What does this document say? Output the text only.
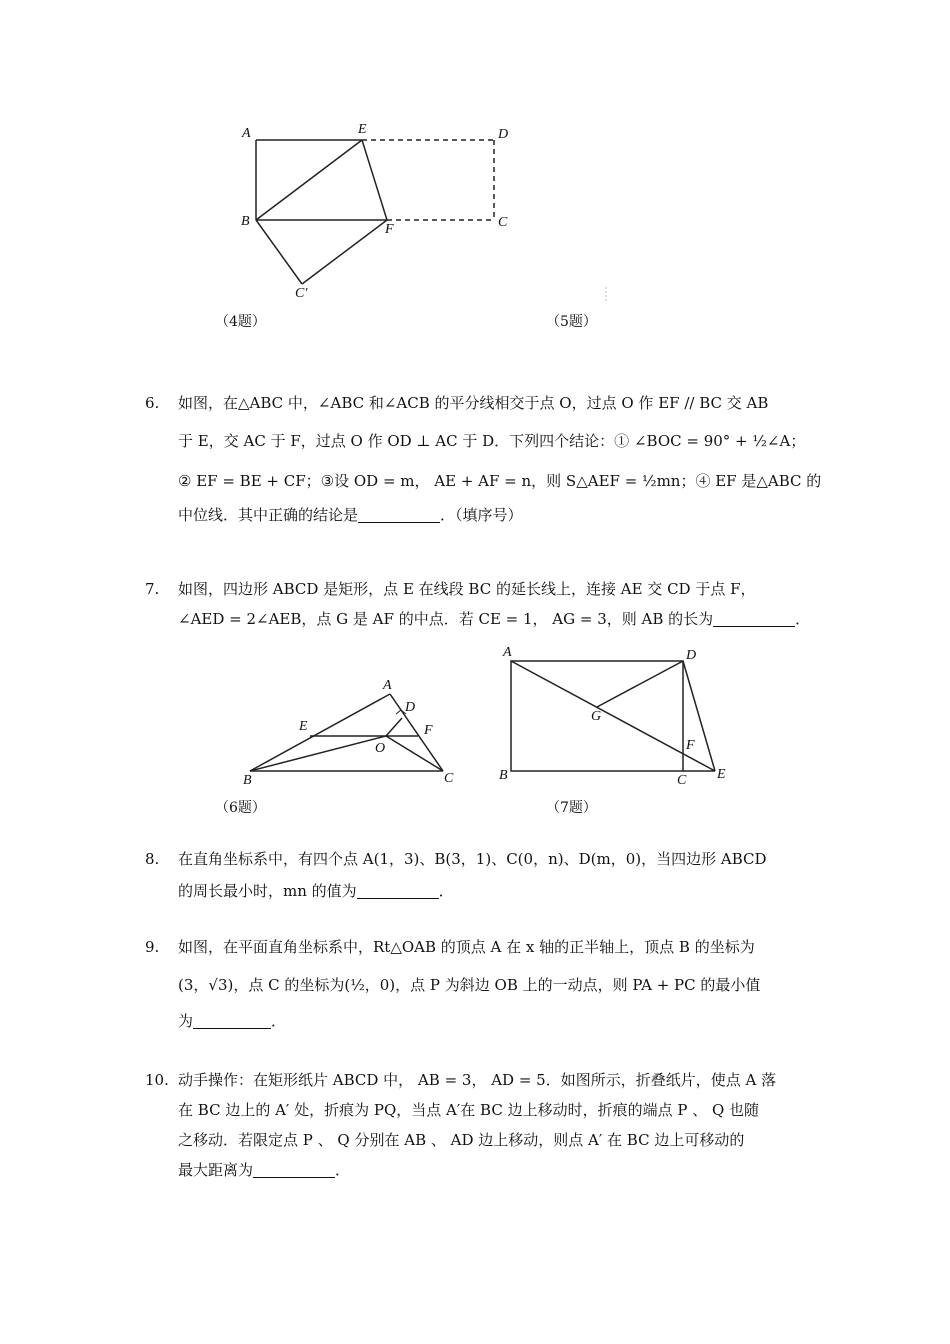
A	E	D
B
F	C
C′
（4题）	（5题）
6. 如图，在△ABC 中，∠ABC 和∠ACB 的平分线相交于点 O，过点 O 作 EF // BC 交 AB
于 E，交 AC 于 F，过点 O 作 OD ⊥ AC 于 D．下列四个结论：① ∠BOC = 90° + ½∠A；
② EF = BE + CF；③设 OD = m， AE + AF = n，则 S△AEF = ½mn；④ EF 是△ABC 的
中位线．其中正确的结论是	．（填序号）
7. 如图，四边形 ABCD 是矩形，点 E 在线段 BC 的延长线上，连接 AE 交 CD 于点 F，
∠AED = 2∠AEB，点 G 是 AF 的中点．若 CE = 1， AG = 3，则 AB 的长为	．
A
D
E	F
O
B	C
（6题）
A	D
G
F
B	C E
（7题）
8. 在直角坐标系中，有四个点 A(1，3)、B(3，1)、C(0，n)、D(m，0)，当四边形 ABCD
的周长最小时，mn 的值为	．
9. 如图，在平面直角坐标系中，Rt△OAB 的顶点 A 在 x 轴的正半轴上，顶点 B 的坐标为
(3，√3)，点 C 的坐标为(½，0)，点 P 为斜边 OB 上的一动点，则 PA + PC 的最小值
为	．
10. 动手操作：在矩形纸片 ABCD 中， AB = 3， AD = 5．如图所示，折叠纸片，使点 A 落
在 BC 边上的 A′ 处，折痕为 PQ，当点 A′在 BC 边上移动时，折痕的端点 P 、 Q 也随
之移动．若限定点 P 、 Q 分别在 AB 、 AD 边上移动，则点 A′ 在 BC 边上可移动的
最大距离为	．
